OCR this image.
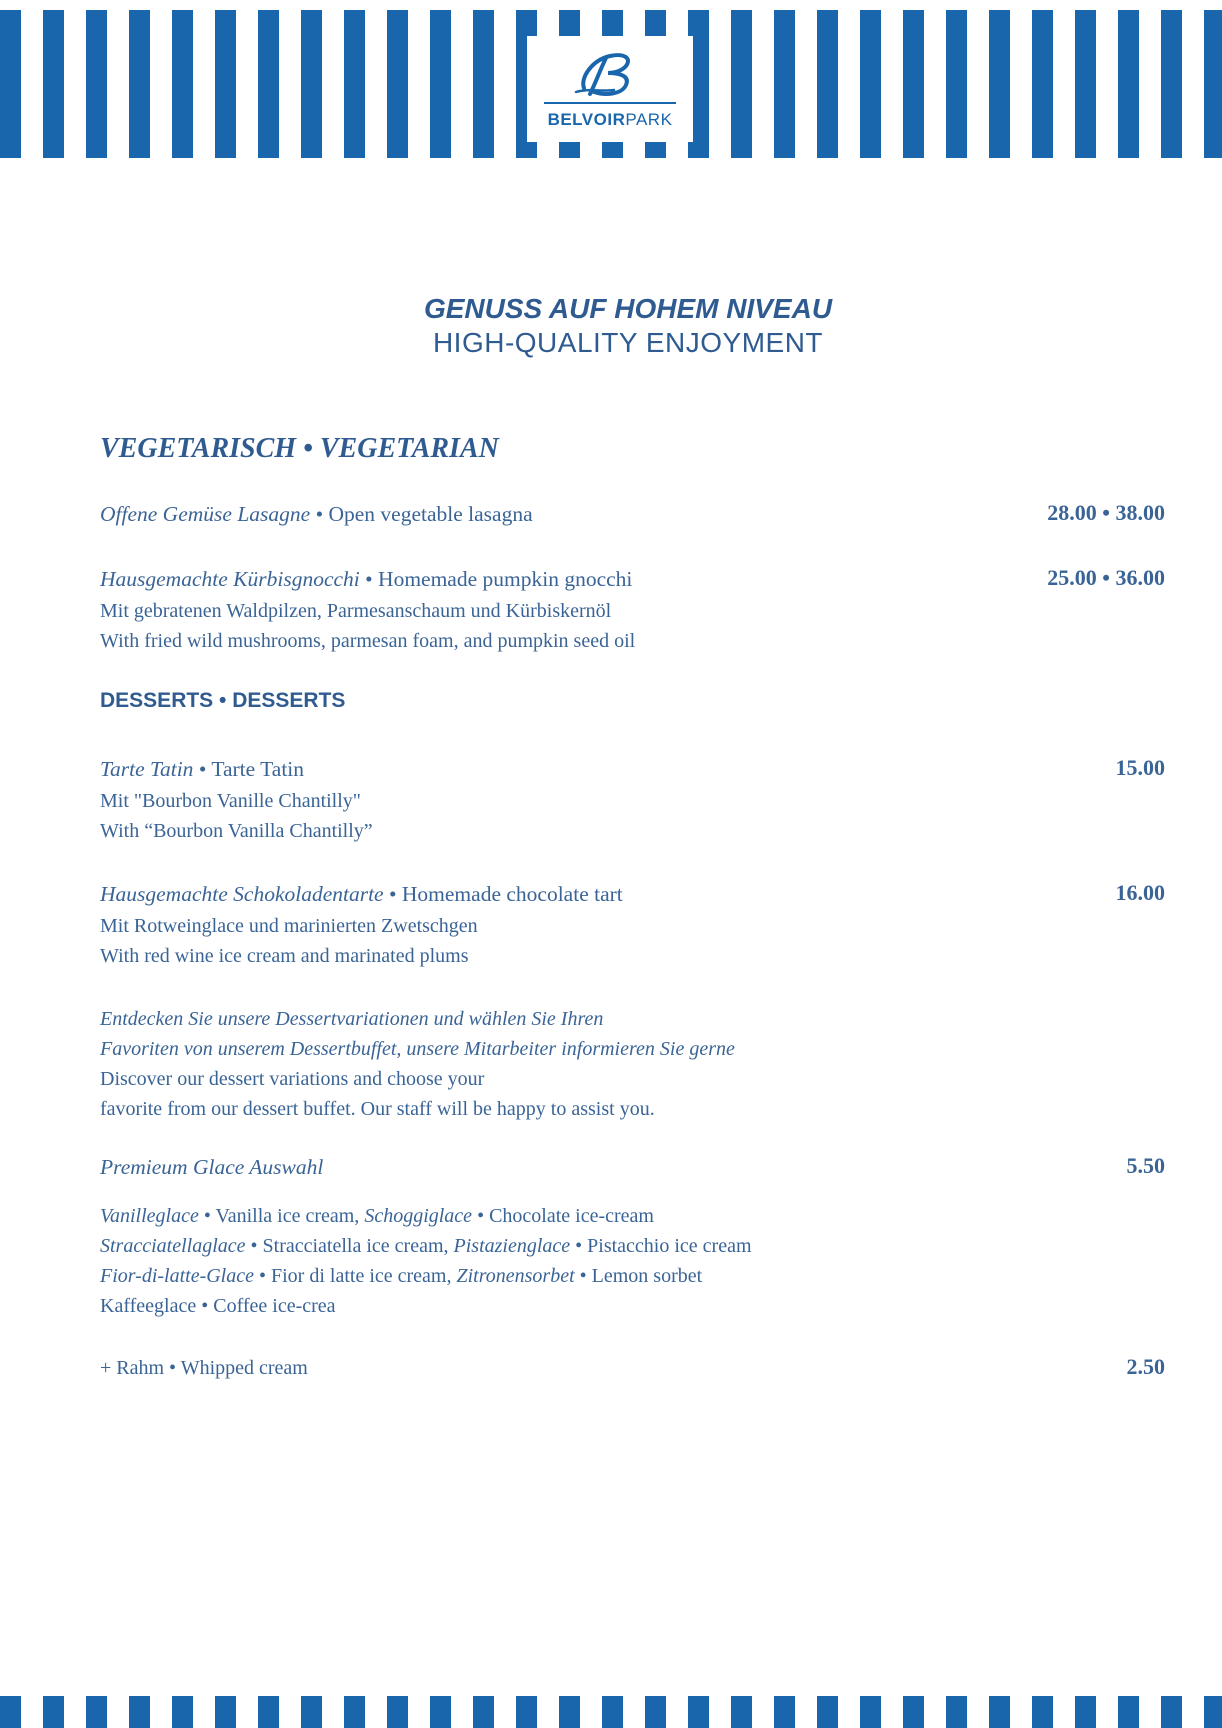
BELVOIRPARK
GENUSS AUF HOHEM NIVEAU
HIGH-QUALITY ENJOYMENT
VEGETARISCH • VEGETARIAN
Offene Gemüse Lasagne • Open vegetable lasagna	28.00 • 38.00
Hausgemachte Kürbisgnocchi • Homemade pumpkin gnocchi	25.00 • 36.00
Mit gebratenen Waldpilzen, Parmesanschaum und Kürbiskernöl
With fried wild mushrooms, parmesan foam, and pumpkin seed oil
DESSERTS • DESSERTS
Tarte Tatin • Tarte Tatin	15.00
Mit "Bourbon Vanille Chantilly"
With “Bourbon Vanilla Chantilly”
Hausgemachte Schokoladentarte • Homemade chocolate tart	16.00
Mit Rotweinglace und marinierten Zwetschgen
With red wine ice cream and marinated plums
Entdecken Sie unsere Dessertvariationen und wählen Sie Ihren
Favoriten von unserem Dessertbuffet, unsere Mitarbeiter informieren Sie gerne
Discover our dessert variations and choose your
favorite from our dessert buffet. Our staff will be happy to assist you.
Premieum Glace Auswahl	5.50
Vanilleglace • Vanilla ice cream, Schoggiglace • Chocolate ice-cream
Stracciatellaglace • Stracciatella ice cream, Pistazienglace • Pistacchio ice cream
Fior-di-latte-Glace • Fior di latte ice cream, Zitronensorbet • Lemon sorbet
Kaffeeglace • Coffee ice-crea
+ Rahm • Whipped cream	2.50
